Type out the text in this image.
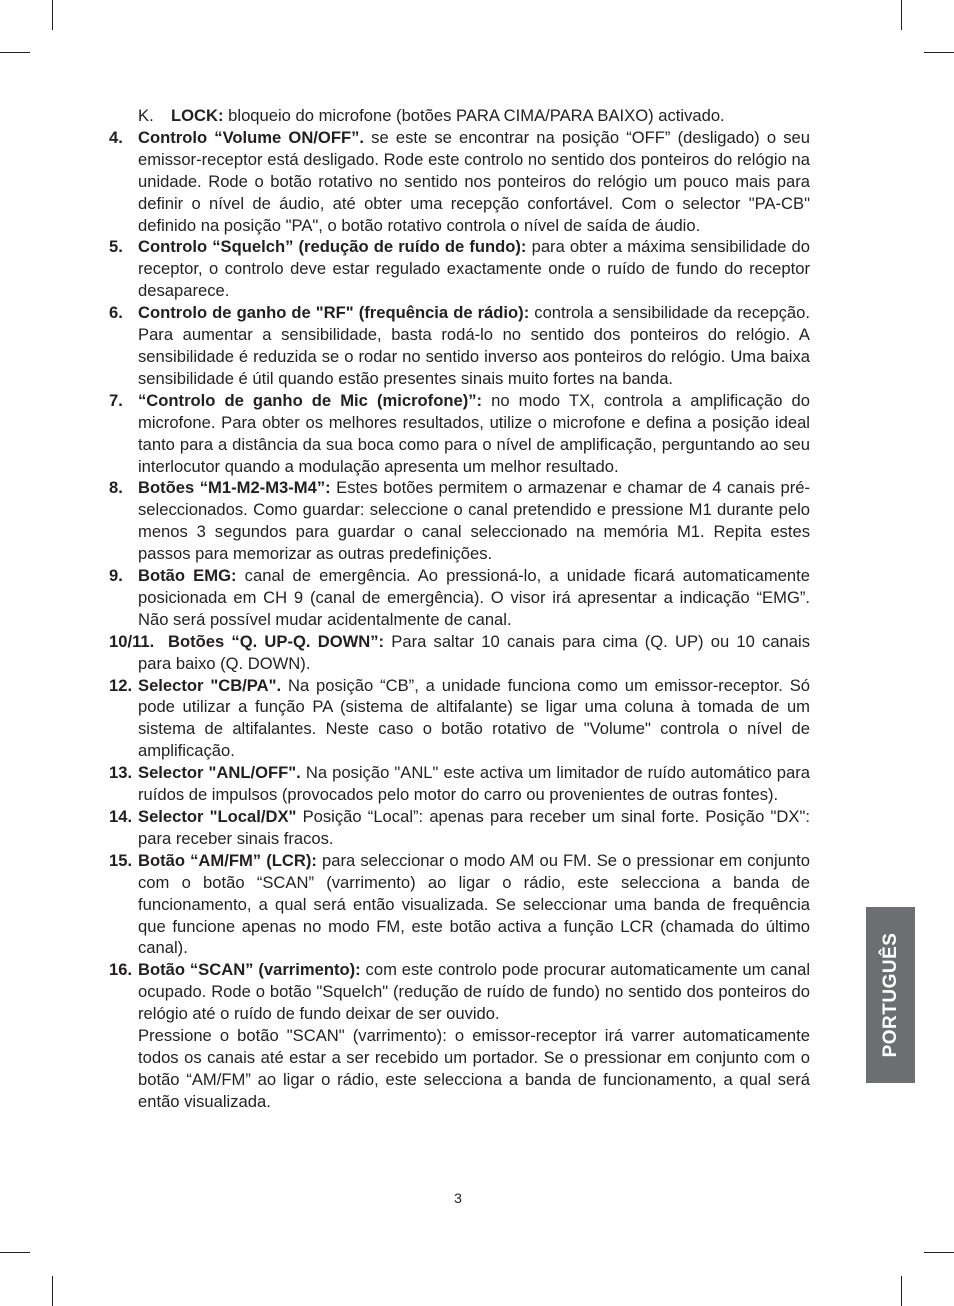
K. LOCK: bloqueio do microfone (botões PARA CIMA/PARA BAIXO) activado.
4. Controlo “Volume ON/OFF”. se este se encontrar na posição “OFF” (desligado) o seu emissor-receptor está desligado. Rode este controlo no sentido dos ponteiros do relógio na unidade. Rode o botão rotativo no sentido nos ponteiros do relógio um pouco mais para definir o nível de áudio, até obter uma recepção confortável. Com o selector "PA-CB" definido na posição "PA", o botão rotativo controla o nível de saída de áudio.
5. Controlo “Squelch” (redução de ruído de fundo): para obter a máxima sensibilidade do receptor, o controlo deve estar regulado exactamente onde o ruído de fundo do receptor desaparece.
6. Controlo de ganho de "RF" (frequência de rádio): controla a sensibilidade da recepção. Para aumentar a sensibilidade, basta rodá-lo no sentido dos ponteiros do relógio. A sensibilidade é reduzida se o rodar no sentido inverso aos ponteiros do relógio. Uma baixa sensibilidade é útil quando estão presentes sinais muito fortes na banda.
7. “Controlo de ganho de Mic (microfone)”: no modo TX, controla a amplificação do microfone. Para obter os melhores resultados, utilize o microfone e defina a posição ideal tanto para a distância da sua boca como para o nível de amplificação, perguntando ao seu interlocutor quando a modulação apresenta um melhor resultado.
8. Botões “M1-M2-M3-M4”: Estes botões permitem o armazenar e chamar de 4 canais pré-seleccionados. Como guardar: seleccione o canal pretendido e pressione M1 durante pelo menos 3 segundos para guardar o canal seleccionado na memória M1. Repita estes passos para memorizar as outras predefinições.
9. Botão EMG: canal de emergência. Ao pressioná-lo, a unidade ficará automaticamente posicionada em CH 9 (canal de emergência). O visor irá apresentar a indicação “EMG”. Não será possível mudar acidentalmente de canal.
10/11. Botões “Q. UP-Q. DOWN”: Para saltar 10 canais para cima (Q. UP) ou 10 canais para baixo (Q. DOWN).
12. Selector "CB/PA". Na posição “CB”, a unidade funciona como um emissor-receptor. Só pode utilizar a função PA (sistema de altifalante) se ligar uma coluna à tomada de um sistema de altifalantes. Neste caso o botão rotativo de "Volume" controla o nível de amplificação.
13. Selector "ANL/OFF". Na posição "ANL" este activa um limitador de ruído automático para ruídos de impulsos (provocados pelo motor do carro ou provenientes de outras fontes).
14. Selector "Local/DX" Posição “Local”: apenas para receber um sinal forte. Posição "DX": para receber sinais fracos.
15. Botão “AM/FM” (LCR): para seleccionar o modo AM ou FM. Se o pressionar em conjunto com o botão “SCAN” (varrimento) ao ligar o rádio, este selecciona a banda de funcionamento, a qual será então visualizada. Se seleccionar uma banda de frequência que funcione apenas no modo FM, este botão activa a função LCR (chamada do último canal).
16. Botão “SCAN” (varrimento): com este controlo pode procurar automaticamente um canal ocupado. Rode o botão "Squelch" (redução de ruído de fundo) no sentido dos ponteiros do relógio até o ruído de fundo deixar de ser ouvido.
Pressione o botão "SCAN" (varrimento): o emissor-receptor irá varrer automaticamente todos os canais até estar a ser recebido um portador. Se o pressionar em conjunto com o botão “AM/FM” ao ligar o rádio, este selecciona a banda de funcionamento, a qual será então visualizada.
PORTUGUÊS
3
